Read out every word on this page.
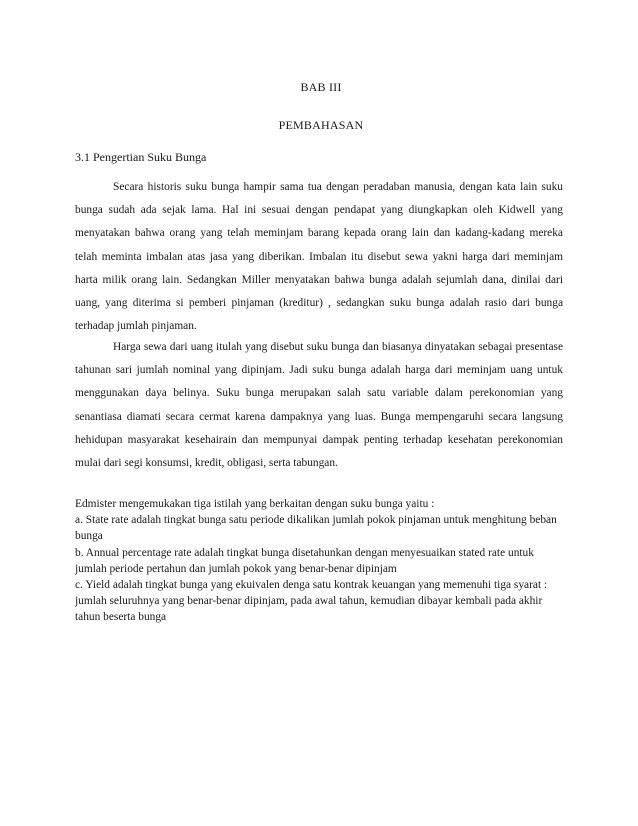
BAB III
PEMBAHASAN
3.1 Pengertian Suku Bunga

Secara historis suku bunga hampir sama tua dengan peradaban manusia, dengan kata lain suku bunga sudah ada sejak lama. Hal ini sesuai dengan pendapat yang diungkapkan oleh Kidwell yang menyatakan bahwa orang yang telah meminjam barang kepada orang lain dan kadang-kadang mereka telah meminta imbalan atas jasa yang diberikan. Imbalan itu disebut sewa yakni harga dari meminjam harta milik orang lain. Sedangkan Miller menyatakan bahwa bunga adalah sejumlah dana, dinilai dari uang, yang diterima si pemberi pinjaman (kreditur) , sedangkan suku bunga adalah rasio dari bunga terhadap jumlah pinjaman.

Harga sewa dari uang itulah yang disebut suku bunga dan biasanya dinyatakan sebagai presentase tahunan sari jumlah nominal yang dipinjam. Jadi suku bunga adalah harga dari meminjam uang untuk menggunakan daya belinya. Suku bunga merupakan salah satu variable dalam perekonomian yang senantiasa diamati secara cermat karena dampaknya yang luas. Bunga mempengaruhi secara langsung hehidupan masyarakat kesehairain dan mempunyai dampak penting terhadap kesehatan perekonomian mulai dari segi konsumsi, kredit, obligasi, serta tabungan.

Edmister mengemukakan tiga istilah yang berkaitan dengan suku bunga yaitu :

a. State rate adalah tingkat bunga satu periode dikalikan jumlah pokok pinjaman untuk menghitung beban bunga

b. Annual percentage rate adalah tingkat bunga disetahunkan dengan menyesuaikan stated rate untuk jumlah periode pertahun dan jumlah pokok yang benar-benar dipinjam

c. Yield adalah tingkat bunga yang ekuivalen denga satu kontrak keuangan yang memenuhi tiga syarat : jumlah seluruhnya yang benar-benar dipinjam, pada awal tahun, kemudian dibayar kembali pada akhir tahun beserta bunga
